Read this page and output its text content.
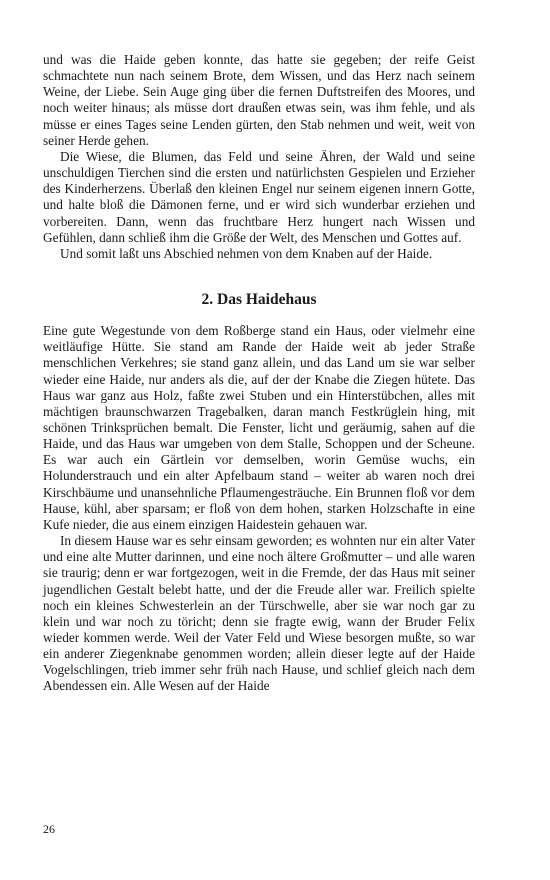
und was die Haide geben konnte, das hatte sie gegeben; der reife Geist schmachtete nun nach seinem Brote, dem Wissen, und das Herz nach seinem Weine, der Liebe. Sein Auge ging über die fernen Duftstreifen des Moores, und noch weiter hinaus; als müsse dort draußen etwas sein, was ihm fehle, und als müsse er eines Tages seine Lenden gürten, den Stab nehmen und weit, weit von seiner Herde gehen.

Die Wiese, die Blumen, das Feld und seine Ähren, der Wald und seine unschuldigen Tierchen sind die ersten und natürlichsten Gespielen und Erzieher des Kinderherzens. Überlaß den kleinen Engel nur seinem eigenen innern Gotte, und halte bloß die Dämonen ferne, und er wird sich wunderbar erziehen und vorbereiten. Dann, wenn das fruchtbare Herz hungert nach Wissen und Gefühlen, dann schließ ihm die Größe der Welt, des Menschen und Gottes auf.

Und somit laßt uns Abschied nehmen von dem Knaben auf der Haide.

2. Das Haidehaus

Eine gute Wegestunde von dem Roßberge stand ein Haus, oder vielmehr eine weitläufige Hütte. Sie stand am Rande der Haide weit ab jeder Straße menschlichen Verkehres; sie stand ganz allein, und das Land um sie war selber wieder eine Haide, nur anders als die, auf der der Knabe die Ziegen hütete. Das Haus war ganz aus Holz, faßte zwei Stuben und ein Hinterstübchen, alles mit mächtigen braunschwarzen Tragebalken, daran manch Festkrüglein hing, mit schönen Trinksprüchen bemalt. Die Fenster, licht und geräumig, sahen auf die Haide, und das Haus war umgeben von dem Stalle, Schoppen und der Scheune. Es war auch ein Gärtlein vor demselben, worin Gemüse wuchs, ein Holunderstrauch und ein alter Apfelbaum stand – weiter ab waren noch drei Kirschbäume und unansehnliche Pflaumengesträuche. Ein Brunnen floß vor dem Hause, kühl, aber sparsam; er floß von dem hohen, starken Holzschafte in eine Kufe nieder, die aus einem einzigen Haidestein gehauen war.

In diesem Hause war es sehr einsam geworden; es wohnten nur ein alter Vater und eine alte Mutter darinnen, und eine noch ältere Großmutter – und alle waren sie traurig; denn er war fortgezogen, weit in die Fremde, der das Haus mit seiner jugendlichen Gestalt belebt hatte, und der die Freude aller war. Freilich spielte noch ein kleines Schwesterlein an der Türschwelle, aber sie war noch gar zu klein und war noch zu töricht; denn sie fragte ewig, wann der Bruder Felix wieder kommen werde. Weil der Vater Feld und Wiese besorgen mußte, so war ein anderer Ziegenknabe genommen worden; allein dieser legte auf der Haide Vogelschlingen, trieb immer sehr früh nach Hause, und schlief gleich nach dem Abendessen ein. Alle Wesen auf der Haide

26
